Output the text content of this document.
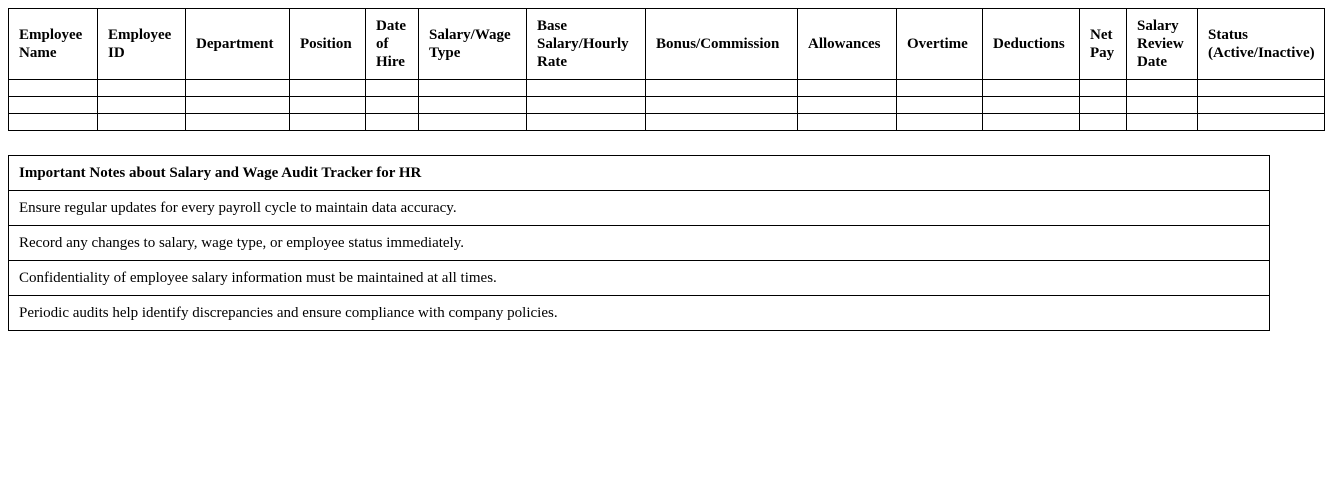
Employee Name	Employee ID	Department	Position	Date of Hire	Salary/Wage Type	Base Salary/Hourly Rate	Bonus/Commission	Allowances	Overtime	Deductions	Net Pay	Salary Review Date	Status (Active/Inactive)

Important Notes about Salary and Wage Audit Tracker for HR
Ensure regular updates for every payroll cycle to maintain data accuracy.
Record any changes to salary, wage type, or employee status immediately.
Confidentiality of employee salary information must be maintained at all times.
Periodic audits help identify discrepancies and ensure compliance with company policies.
